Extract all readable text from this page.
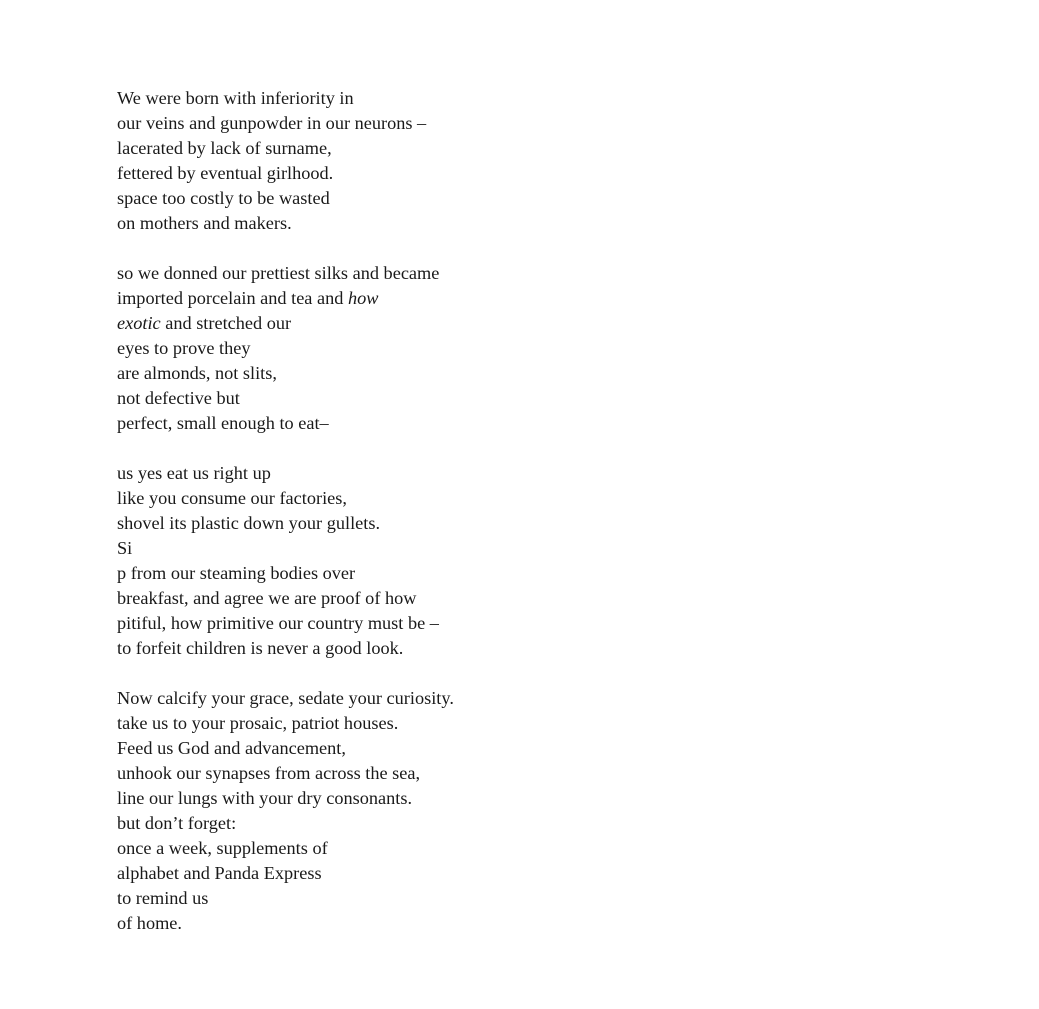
We were born with inferiority in
our veins and gunpowder in our neurons –
lacerated by lack of surname,
fettered by eventual girlhood.
space too costly to be wasted
on mothers and makers.
so we donned our prettiest silks and became
imported porcelain and tea and how
exotic and stretched our
eyes to prove they
are almonds, not slits,
not defective but
perfect, small enough to eat–
us yes eat us right up
like you consume our factories,
shovel its plastic down your gullets.
Si
p from our steaming bodies over
breakfast, and agree we are proof of how
pitiful, how primitive our country must be –
to forfeit children is never a good look.
Now calcify your grace, sedate your curiosity.
take us to your prosaic, patriot houses.
Feed us God and advancement,
unhook our synapses from across the sea,
line our lungs with your dry consonants.
but don’t forget:
once a week, supplements of
alphabet and Panda Express
to remind us
of home.
